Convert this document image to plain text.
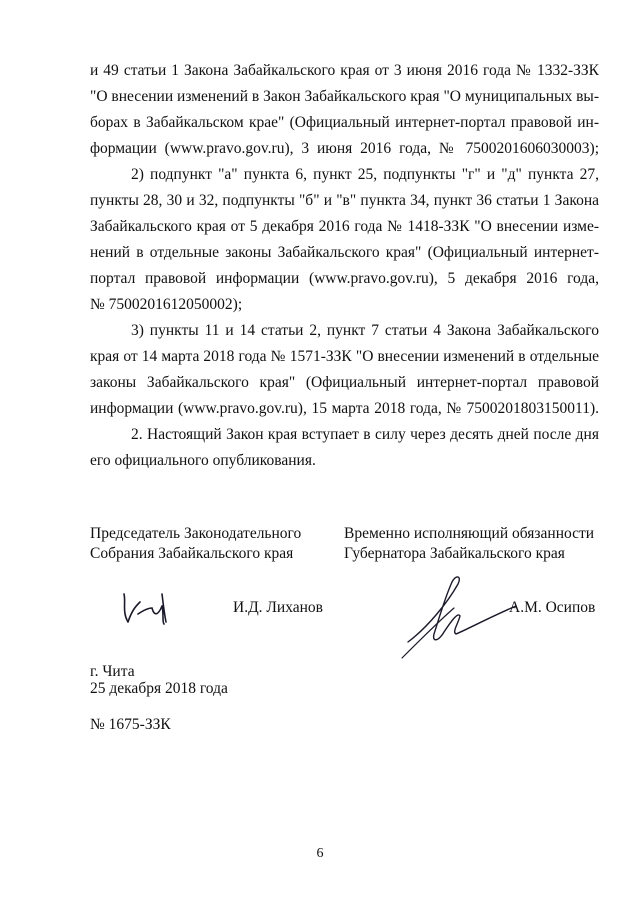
и 49 статьи 1 Закона Забайкальского края от 3 июня 2016 года № 1332-ЗЗК
"О внесении изменений в Закон Забайкальского края "О муниципальных вы-
борах в Забайкальском крае" (Официальный интернет-портал правовой ин-
формации (www.pravo.gov.ru), 3 июня 2016 года, № 7500201606030003);
2) подпункт "а" пункта 6, пункт 25, подпункты "г" и "д" пункта 27,
пункты 28, 30 и 32, подпункты "б" и "в" пункта 34, пункт 36 статьи 1 Закона
Забайкальского края от 5 декабря 2016 года № 1418-ЗЗК "О внесении изме-
нений в отдельные законы Забайкальского края" (Официальный интернет-
портал правовой информации (www.pravo.gov.ru), 5 декабря 2016 года,
№ 7500201612050002);
3) пункты 11 и 14 статьи 2, пункт 7 статьи 4 Закона Забайкальского
края от 14 марта 2018 года № 1571-ЗЗК "О внесении изменений в отдельные
законы Забайкальского края" (Официальный интернет-портал правовой
информации (www.pravo.gov.ru), 15 марта 2018 года, № 7500201803150011).
2. Настоящий Закон края вступает в силу через десять дней после дня
его официального опубликования.
Председатель Законодательного
Собрания Забайкальского края
И.Д. Лиханов
Временно исполняющий обязанности
Губернатора Забайкальского края
А.М. Осипов
г. Чита
25 декабря 2018 года
№ 1675-ЗЗК
6
